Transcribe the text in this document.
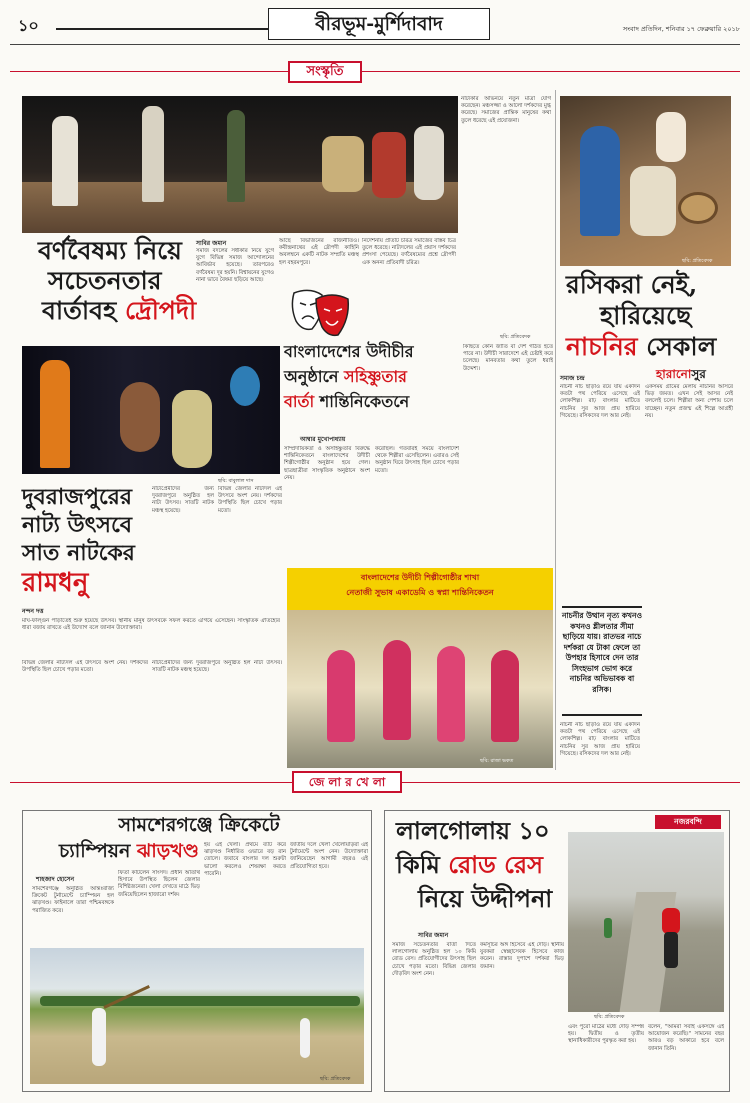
১০	বীরভূম-মুর্শিদাবাদ	সংবাদ প্রতিদিন, শনিবার ১৭ ফেব্রুয়ারি ২০১৮
সংস্কৃতি
বর্ণবৈষম্য নিয়ে
সচেতনতার
বার্তাবহ দ্রৌপদী
সাবির জমান
সমাজ বদলের সর্ষীকার নিয়ে যুগে যুগে বিভিন্ন সমাজ আন্দোলনের আবির্ভাব হয়েছে। তারপরেও বর্ণবৈষম্য দূর হয়নি। বিশ্বায়নের যুগেও নানা ভাবে বৈষম্য ছড়িয়ে আছে।
আছে বিভাজনের রাজনীতিও। কবীন্দ্রনাথের এই দ্রৌপদী কাহিনি অবলম্বনে একটি নাটক সম্প্রতি মঞ্চস্থ হল বহরমপুরে।
নির্দেশনায় প্রতিটি চরিত্র সমাজের বাস্তব চিত্র তুলে ধরেছে। নাট্যদলের এই প্রয়াস দর্শকদের প্রশংসা পেয়েছে। বর্ণবৈষম্যের প্রশ্নে দ্রৌপদী এক অনন্য প্রতিবাদী চরিত্র।
নাট্যকার অভিনয়ে নতুন মাত্রা যোগ করেছেন। মঞ্চসজ্জা ও আলো দর্শকদের মুগ্ধ করেছে। সমাজের প্রান্তিক মানুষের কথা তুলে ধরেছে এই প্রযোজনা।
ছবি: প্রতিবেদক
ছবি: প্রতিবেদক
রসিকরা নেই,
হারিয়েছে
নাচনির সেকাল
হারানোসুর
সমাজ চন্দ্র
নাচনী নাচ ছাড়াও রয়ে যায় একদিন কতটা পথ পেরিয়ে এসেছে এই লোকশিল্প। রাঢ় বাংলার মাটিতে নাচনির সুর আজ প্রায় হারিয়ে গিয়েছে। রসিকদের দল আর নেই।
একসময় গ্রামের মেলায় নাচনির আসরে ভিড় জমত। এখন সেই আসর নেই বললেই চলে। শিল্পীরা অন্য পেশায় চলে যাচ্ছেন। নতুন প্রজন্ম এই শিল্পে আগ্রহী নয়।
নাচনীর উত্থান নৃত্য কখনও কখনও শ্লীলতার সীমা ছাড়িয়ে যায়। রাতভর নাচে দর্শকরা যে টাকা ফেলে তা উপহার হিসাবে দেন তার সিংহভাগ ভোগ করে নাচনির অভিভাবক বা রসিক।
নাচনী নাচ ছাড়াও রয়ে যায় একদিন কতটা পথ পেরিয়ে এসেছে এই লোকশিল্প। রাঢ় বাংলার মাটিতে নাচনির সুর আজ প্রায় হারিয়ে গিয়েছে। রসিকদের দল আর নেই।
বাংলাদেশের উদীচীর
অনুষ্ঠানে সহিষ্ণুতার
বার্তা শান্তিনিকেতনে
আম্বার মুখোপাধ্যায়
সাম্প্রদায়িকতা ও অসহিষ্ণুতার বিরুদ্ধে শান্তিনিকেতনে বাংলাদেশের উদীচী শিল্পীগোষ্ঠীর অনুষ্ঠান হয়ে গেল। ছাত্রছাত্রীরা সাংস্কৃতিক অনুষ্ঠানে অংশ নেয়।
করেছিল। গতবারই সময়ে বাংলাদেশ থেকে শিল্পীরা এসেছিলেন। এবারও সেই অনুষ্ঠান ঘিরে উৎসাহ ছিল চোখে পড়ার মতো।
কিছিতে কোন জাতি বা দেশ গঠিত হতে পারে না। উদীচী সারাদেশে এই চেষ্টাই করে চলেছে। মানবতার কথা তুলে ধরাই উদ্দেশ্য।
বাংলাদেশের উদীচী শিল্পীগোষ্ঠীর শাখা
নেতাজী সুভাষ একাডেমি ও স্বপ্না শান্তিনিকেতন
ছবি: রাজা ভকত
ছবি: বাবুলাল দাস
দুবরাজপুরের
নাট্য উৎসবে
সাত নাটকের
রামধনু
নাট্যপ্রেমীদের জন্য দুবরাজপুরে অনুষ্ঠিত হল নাট্য উৎসব। সাতটি নাটক মঞ্চস্থ হয়েছে।
বিভিন্ন জেলার নাট্যদল এই উৎসবে অংশ নেয়। দর্শকদের উপস্থিতি ছিল চোখে পড়ার মতো।
নন্দন দত্ত
মাঘ-ফাল্গুন পাড়াতেই শুরু হয়েছে উৎসব। স্থানীয় মানুষ উৎসবকে সফল করতে এগিয়ে এসেছেন। সাংস্কৃতিক ঐতিহ্যের ধারা বজায় রাখতে এই উদ্যোগ বলে জানান উদ্যোক্তারা।
নাট্যপ্রেমীদের জন্য দুবরাজপুরে অনুষ্ঠিত হল নাট্য উৎসব। সাতটি নাটক মঞ্চস্থ হয়েছে।
বিভিন্ন জেলার নাট্যদল এই উৎসবে অংশ নেয়। দর্শকদের উপস্থিতি ছিল চোখে পড়ার মতো।
জে লা র খে লা
সামশেরগঞ্জে ক্রিকেটে
চ্যাম্পিয়ন ঝাড়খণ্ড
শাহজাদ হোসেন
সামশেরগঞ্জে অনুষ্ঠিত আন্তঃরাজ্য ক্রিকেট টুর্নামেন্টে চ্যাম্পিয়ন হল ঝাড়খণ্ড। ফাইনালে তারা পশ্চিমবঙ্গকে পরাজিত করে।
ফিতা কাটলেন সাংসদ। প্রধান অতিথি হিসাবে উপস্থিত ছিলেন জেলার বিশিষ্টজনেরা। খেলা দেখতে মাঠে ভিড় জমিয়েছিলেন হাজারো দর্শক।
হয় এই খেলা। প্রথমে ব্যাট করে ঝাড়খণ্ড নির্ধারিত ওভারে বড় রান তোলে। জবাবে বাংলার দল শুরুটা ভালো করলেও শেষরক্ষা করতে পারেনি।
জাতীয় দলে খেলা খেলোয়াড়রা এই টুর্নামেন্টে অংশ নেন। উদ্যোক্তারা জানিয়েছেন আগামী বছরও এই প্রতিযোগিতা হবে।
ছবি: প্রতিবেদক
লালগোলায় ১০
কিমি রোড রেস
নিয়ে উদ্দীপনা
সাবির জমান
সমাজ সচেতনতার বার্তা দিতে লালগোলায় অনুষ্ঠিত হল ১০ কিমি রোড রেস। প্রতিযোগীদের উৎসাহ ছিল চোখে পড়ার মতো। বিভিন্ন জেলার দৌড়বিদ অংশ নেন।
কর্মসূচির অঙ্গ হিসেবে এই দৌড়। স্থানীয় যুবকরা স্বেচ্ছাসেবক হিসেবে কাজ করেন। রাস্তার দুপাশে দর্শকরা ভিড় জমান।
নজরবন্দি
ছবি: প্রতিবেদক
এবং পুরো মাঠের মধ্যে দৌড় সম্পন্ন হয়। দ্বিতীয় ও তৃতীয় স্থানাধিকারীদের পুরস্কৃত করা হয়।
বলেন, "আমরা সবাই একসঙ্গে এই আয়োজন করেছি।" সামনের বছর আরও বড় আকারে হবে বলে জানান তিনি।
